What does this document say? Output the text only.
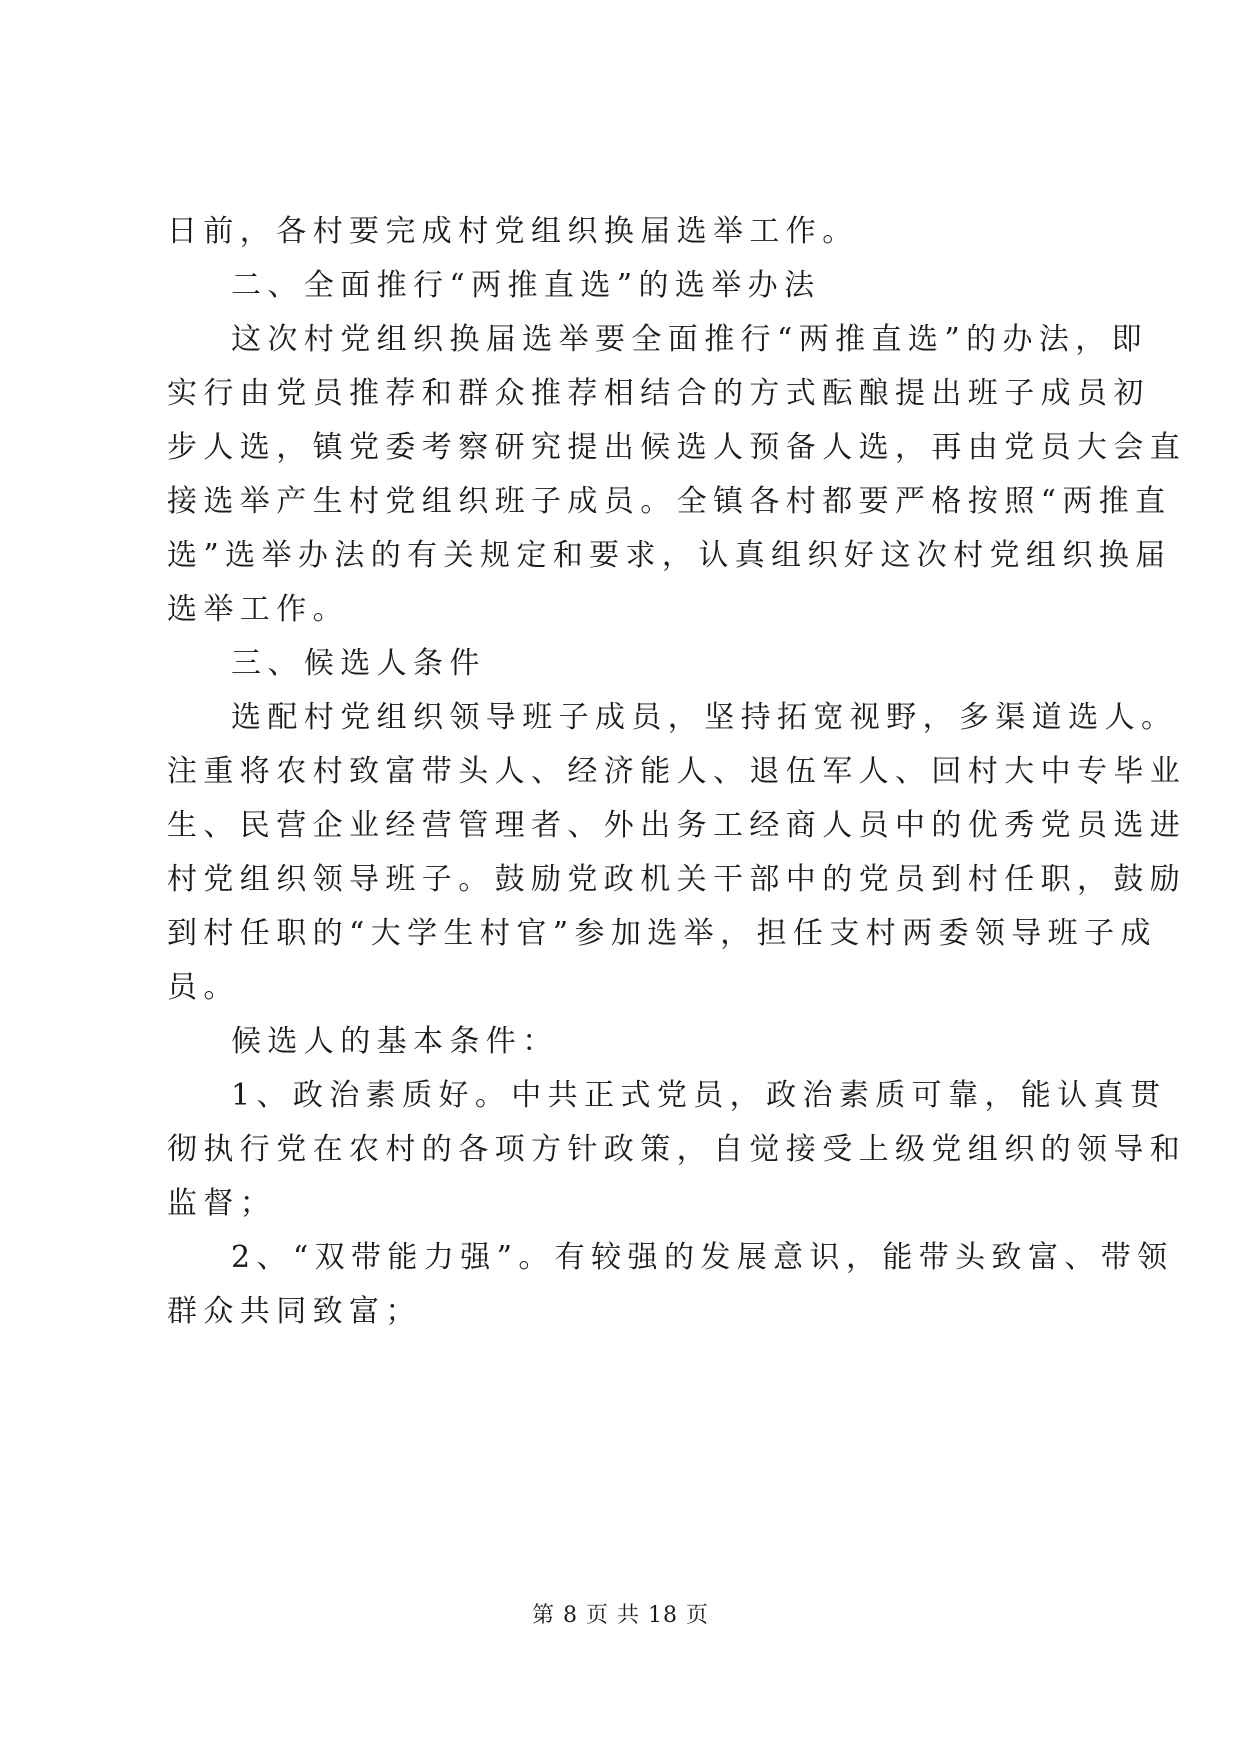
日前，各村要完成村党组织换届选举工作。
二、全面推行“两推直选”的选举办法
这次村党组织换届选举要全面推行“两推直选”的办法，即
实行由党员推荐和群众推荐相结合的方式酝酿提出班子成员初
步人选，镇党委考察研究提出候选人预备人选，再由党员大会直
接选举产生村党组织班子成员。全镇各村都要严格按照“两推直
选”选举办法的有关规定和要求，认真组织好这次村党组织换届
选举工作。
三、候选人条件
选配村党组织领导班子成员，坚持拓宽视野，多渠道选人。
注重将农村致富带头人、经济能人、退伍军人、回村大中专毕业
生、民营企业经营管理者、外出务工经商人员中的优秀党员选进
村党组织领导班子。鼓励党政机关干部中的党员到村任职，鼓励
到村任职的“大学生村官”参加选举，担任支村两委领导班子成
员。
候选人的基本条件：
1、政治素质好。中共正式党员，政治素质可靠，能认真贯
彻执行党在农村的各项方针政策，自觉接受上级党组织的领导和
监督；
2、“双带能力强”。有较强的发展意识，能带头致富、带领
群众共同致富；
第 8 页 共 18 页
